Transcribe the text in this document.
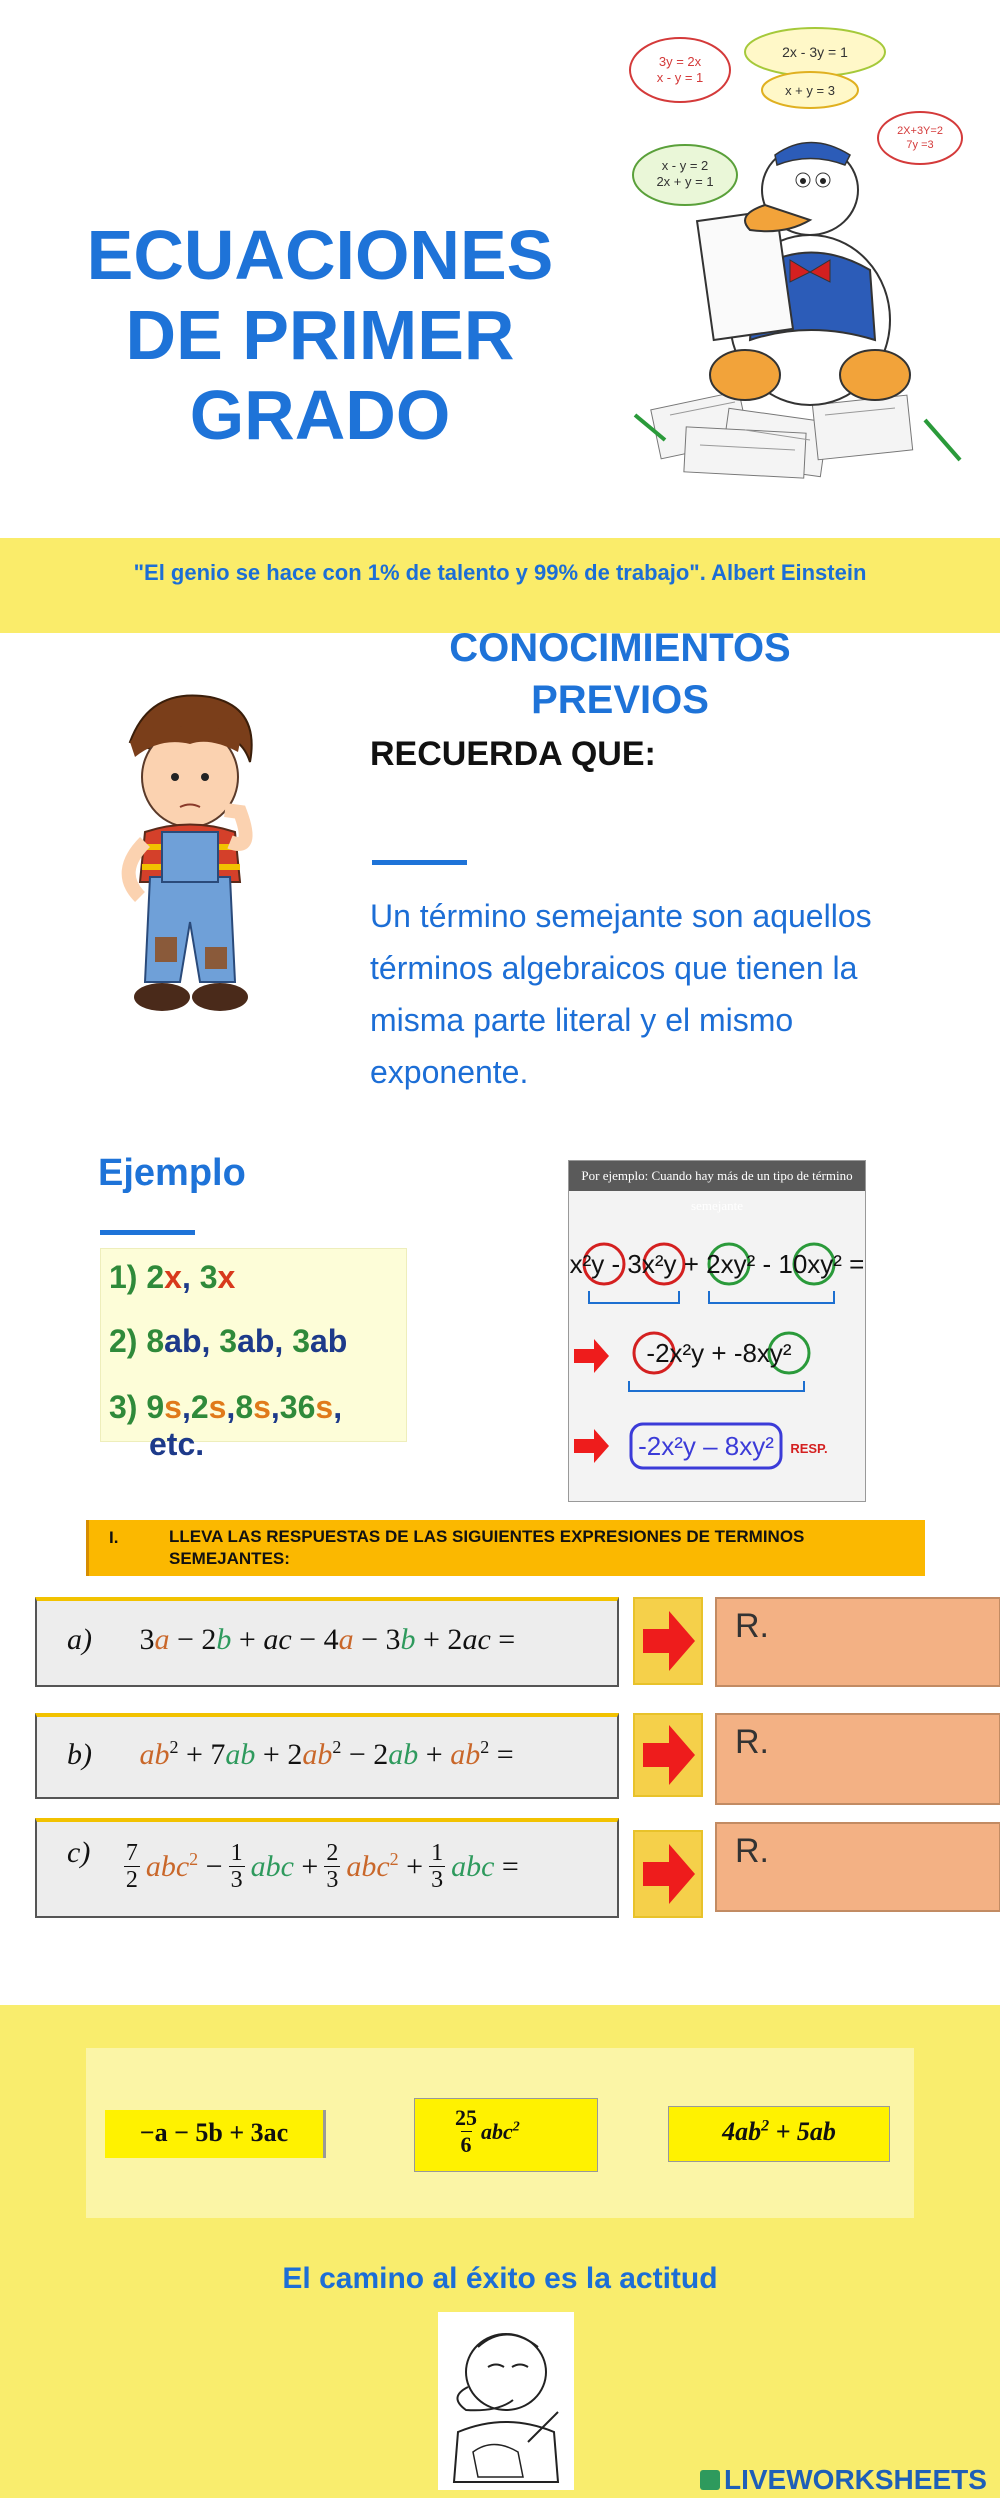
ECUACIONES DE PRIMER GRADO
3y = 2x
x - y = 1
2x - 3y = 1
x + y = 3
2X+3Y=2
7y =3
x - y = 2
2x + y = 1
"El genio se hace con 1% de talento y 99% de trabajo". Albert Einstein
CONOCIMIENTOS PREVIOS
RECUERDA QUE:
Un término semejante son aquellos términos algebraicos que tienen la misma parte literal y el mismo exponente.
Ejemplo
1) 2x, 3x
2) 8ab, 3ab, 3ab
3) 9s,2s,8s,36s, etc.
Por ejemplo: Cuando hay más de un tipo de término semejante
x²y - 3x²y + 2xy² - 10xy² =
-2x²y + -8xy²
-2x²y – 8xy² RESP.
I.	LLEVA LAS RESPUESTAS DE LAS SIGUIENTES EXPRESIONES DE TERMINOS SEMEJANTES:
a) 3a − 2b + ac − 4a − 3b + 2ac =	R.
b) $ab^2 + 7ab + 2ab^2 - 2ab + ab^2$ =	R.
c) 7
2 $abc^2 - \frac{1}{3}$ abc + $\frac{2}{3} abc^2 + \frac{1}{3}$ abc =	R.
−a − 5b + 3ac
25
6
abc$^2$	$4ab^2 + 5ab$
El camino al éxito es la actitud
LIVEWORKSHEETS
